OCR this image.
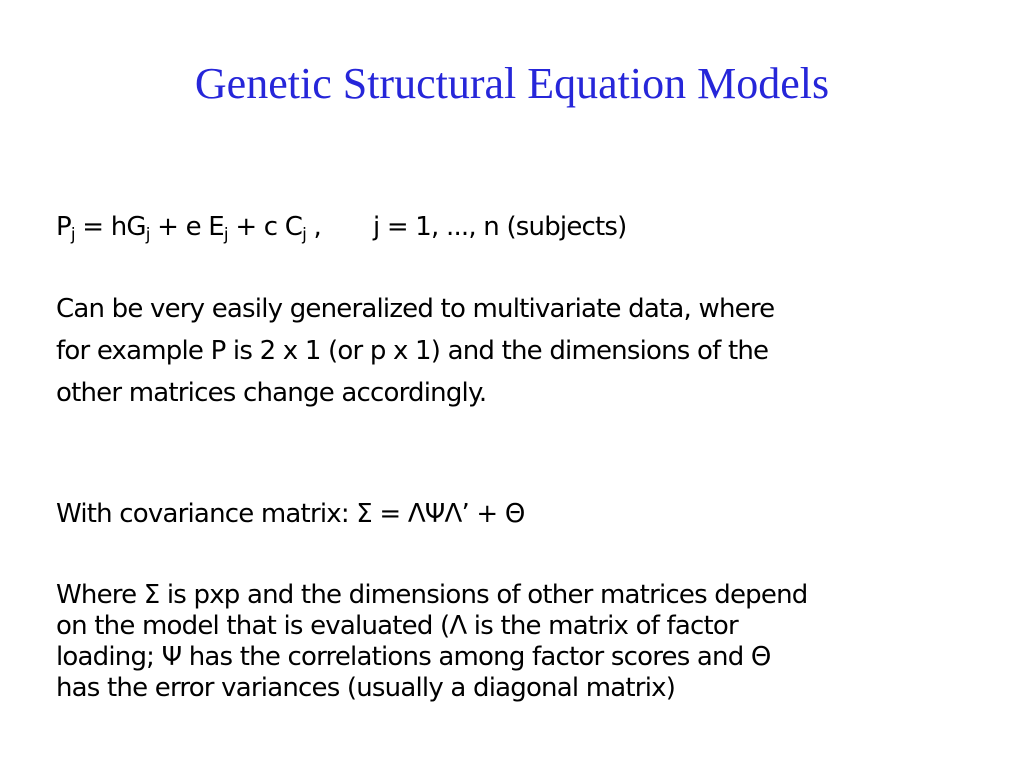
Genetic Structural Equation Models
$P_j = hG_j + e$ $E_j + c$ $C_j$ , j = 1, ..., n (subjects)
Can be very easily generalized to multivariate data, where
for example P is 2 x 1 (or p x 1) and the dimensions of the
other matrices change accordingly.
With covariance matrix: Σ = ΛΨΛ’ + Θ
Where Σ is pxp and the dimensions of other matrices depend
on the model that is evaluated (Λ is the matrix of factor
loading; Ψ has the correlations among factor scores and Θ
has the error variances (usually a diagonal matrix)
